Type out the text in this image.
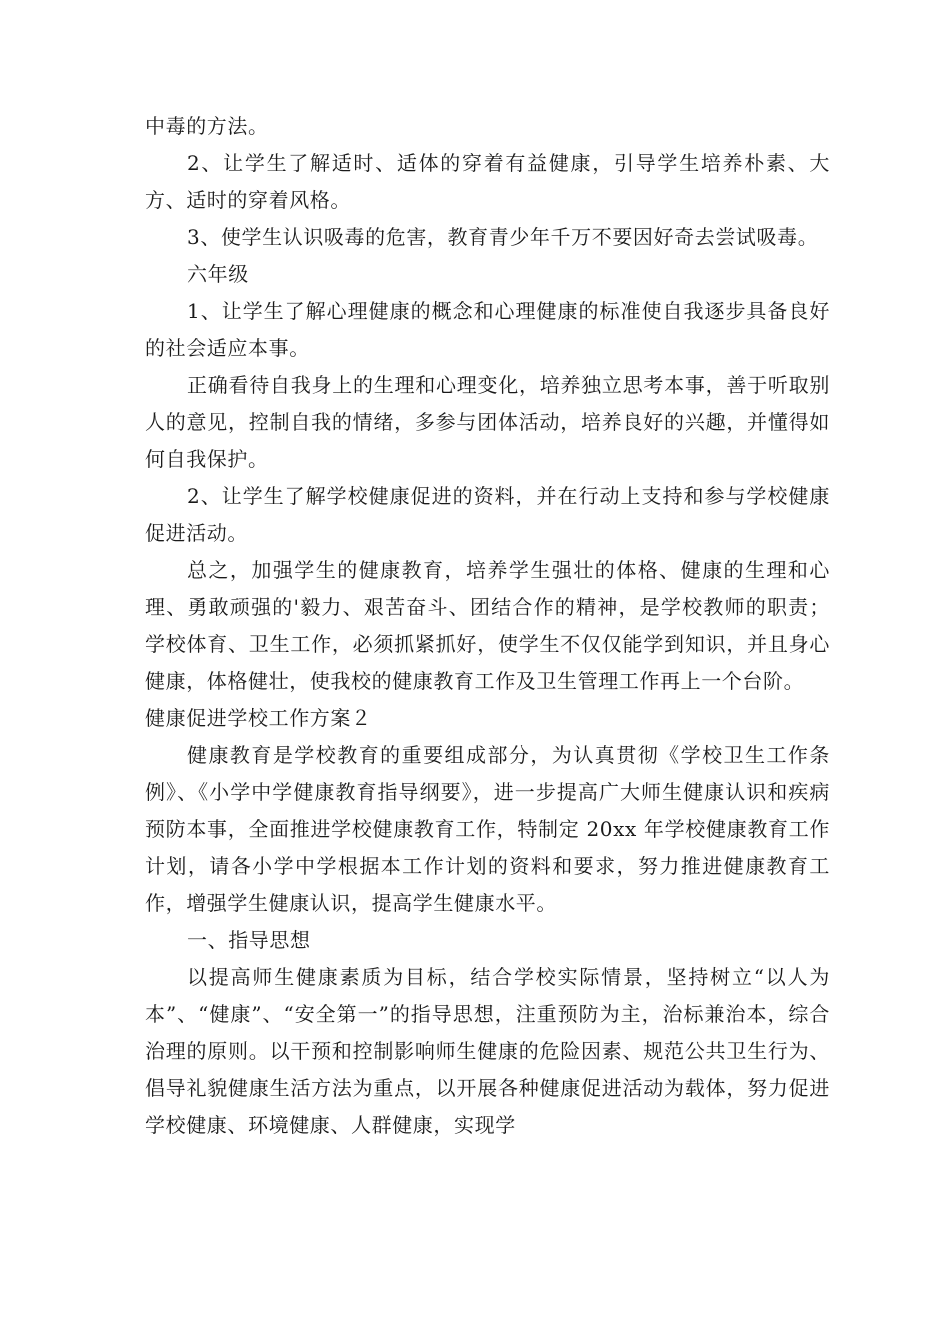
中毒的方法。

2、让学生了解适时、适体的穿着有益健康，引导学生培养朴素、大方、适时的穿着风格。

3、使学生认识吸毒的危害，教育青少年千万不要因好奇去尝试吸毒。

六年级

1、让学生了解心理健康的概念和心理健康的标准使自我逐步具备良好的社会适应本事。

正确看待自我身上的生理和心理变化，培养独立思考本事，善于听取别人的意见，控制自我的情绪，多参与团体活动，培养良好的兴趣，并懂得如何自我保护。

2、让学生了解学校健康促进的资料，并在行动上支持和参与学校健康促进活动。

总之，加强学生的健康教育，培养学生强壮的体格、健康的生理和心理、勇敢顽强的'毅力、艰苦奋斗、团结合作的精神，是学校教师的职责；学校体育、卫生工作，必须抓紧抓好，使学生不仅仅能学到知识，并且身心健康，体格健壮，使我校的健康教育工作及卫生管理工作再上一个台阶。

健康促进学校工作方案２

健康教育是学校教育的重要组成部分，为认真贯彻《学校卫生工作条例》、《小学中学健康教育指导纲要》，进一步提高广大师生健康认识和疾病预防本事，全面推进学校健康教育工作，特制定 20xx 年学校健康教育工作计划，请各小学中学根据本工作计划的资料和要求，努力推进健康教育工作，增强学生健康认识，提高学生健康水平。

一、指导思想

以提高师生健康素质为目标，结合学校实际情景，坚持树立“以人为本”、“健康”、“安全第一”的指导思想，注重预防为主，治标兼治本，综合治理的原则。以干预和控制影响师生健康的危险因素、规范公共卫生行为、倡导礼貌健康生活方法为重点，以开展各种健康促进活动为载体，努力促进学校健康、环境健康、人群健康，实现学
